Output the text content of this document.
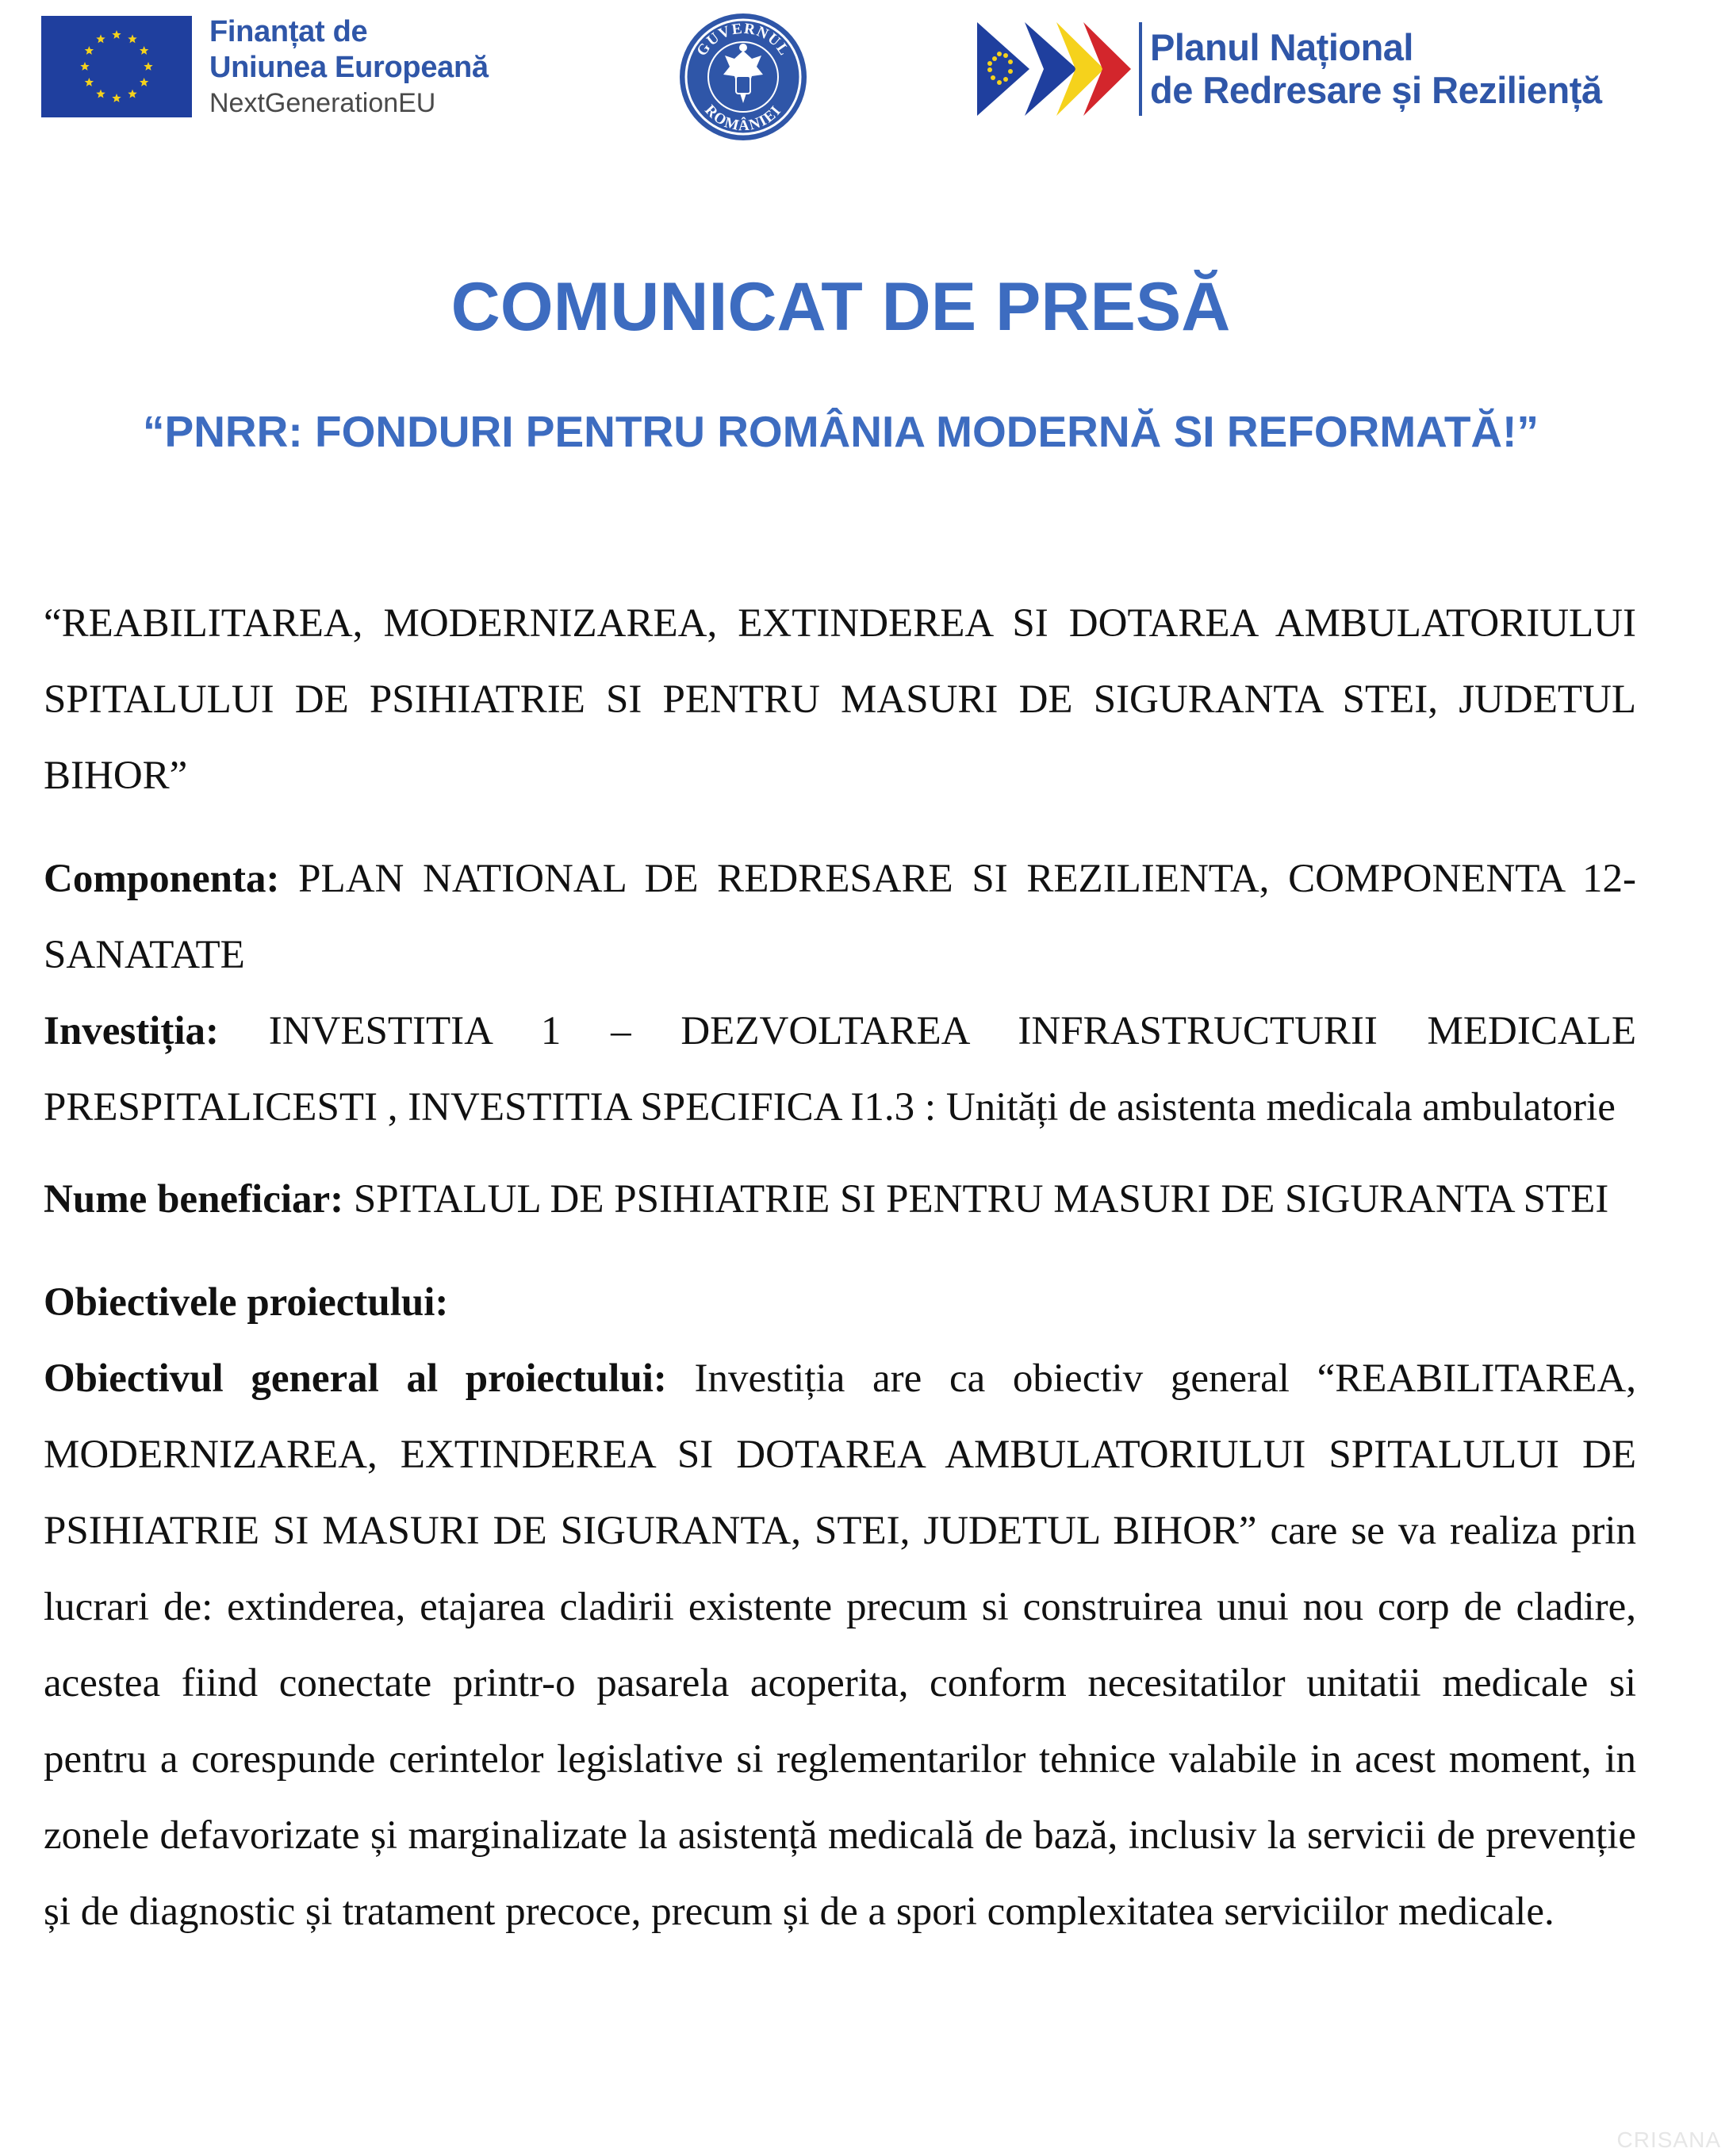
Finanțat de
Uniunea Europeană
NextGenerationEU
GUVERNUL
ROMÂNIEI
Planul Național
de Redresare și Reziliență
COMUNICAT DE PRESĂ
“PNRR: FONDURI PENTRU ROMÂNIA MODERNĂ SI REFORMATĂ!”

“REABILITAREA, MODERNIZAREA, EXTINDEREA SI DOTAREA AMBULATORIULUI SPITALULUI DE PSIHIATRIE SI PENTRU MASURI DE SIGURANTA STEI, JUDETUL BIHOR”

Componenta: PLAN NATIONAL DE REDRESARE SI REZILIENTA, COMPONENTA 12-SANATATE

Investiția: INVESTITIA 1 – DEZVOLTAREA INFRASTRUCTURII MEDICALE PRESPITALICESTI , INVESTITIA SPECIFICA I1.3 : Unități de asistenta medicala ambulatorie

Nume beneficiar: SPITALUL DE PSIHIATRIE SI PENTRU MASURI DE SIGURANTA STEI

Obiectivele proiectului:

Obiectivul general al proiectului: Investiția are ca obiectiv general “REABILITAREA, MODERNIZAREA, EXTINDEREA SI DOTAREA AMBULATORIULUI SPITALULUI DE PSIHIATRIE SI MASURI DE SIGURANTA, STEI, JUDETUL BIHOR” care se va realiza prin lucrari de: extinderea, etajarea cladirii existente precum si construirea unui nou corp de cladire, acestea fiind conectate printr-o pasarela acoperita, conform necesitatilor unitatii medicale si pentru a corespunde cerintelor legislative si reglementarilor tehnice valabile in acest moment, in zonele defavorizate și marginalizate la asistență medicală de bază, inclusiv la servicii de prevenție și de diagnostic și tratament precoce, precum și de a spori complexitatea serviciilor medicale.

CRISANA
